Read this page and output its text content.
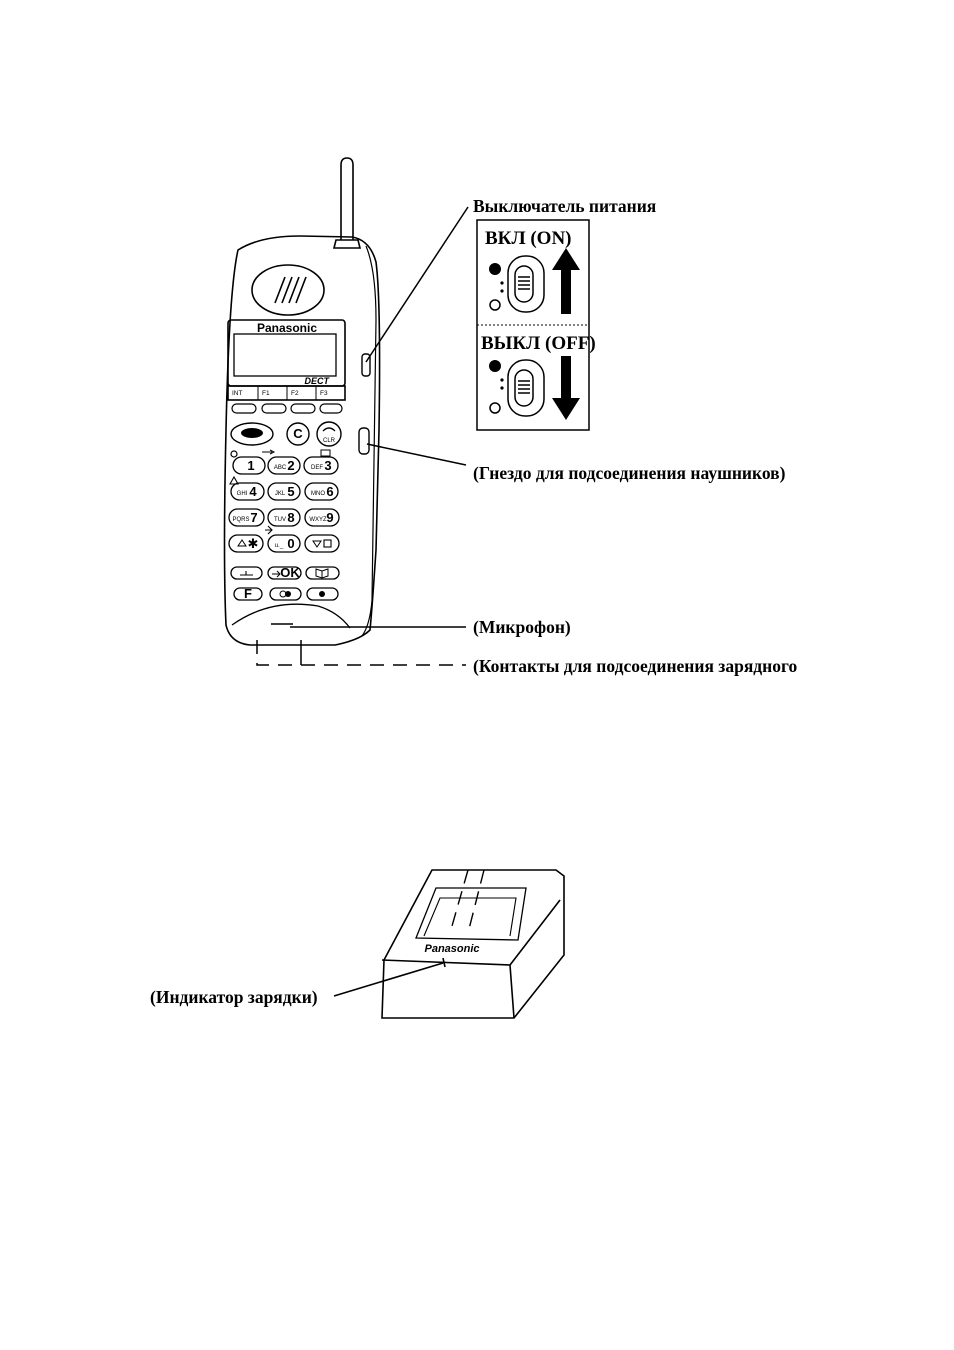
Panasonic
DECT
INT	F1	F2	F3
C	CLR
1	ABC 2	DEF 3
GHI 4	JKL 5	MNO 6
PQRS 7	TUV 8 WXYZ 9
✱	u._ 0
OK
F
ВКЛ (ON)
ВЫКЛ (OFF)
Выключатель питания
(Гнездо для подсоединения наушников)
(Микрофон)
(Контакты для подсоединения зарядного
Panasonic
(Индикатор зарядки)
